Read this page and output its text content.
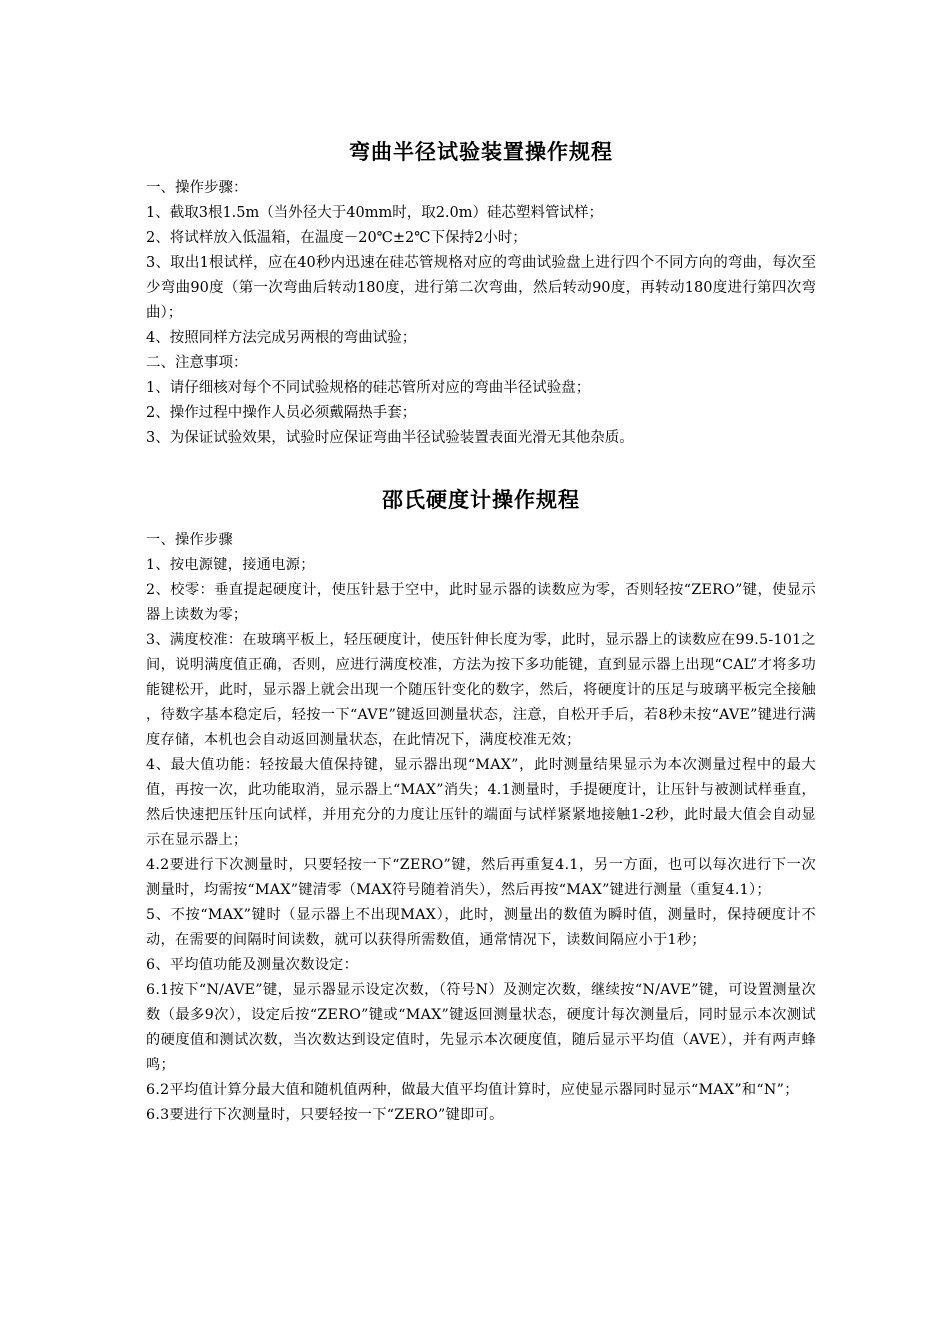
弯曲半径试验装置操作规程

一、操作步骤：

1、截取3根1.5m（当外径大于40mm时，取2.0m）硅芯塑料管试样；

2、将试样放入低温箱，在温度－20℃±2℃下保持2小时；

3、取出1根试样，应在40秒内迅速在硅芯管规格对应的弯曲试验盘上进行四个不同方向的弯曲，每次至少弯曲90度（第一次弯曲后转动180度，进行第二次弯曲，然后转动90度，再转动180度进行第四次弯曲）；

4、按照同样方法完成另两根的弯曲试验；

二、注意事项：

1、请仔细核对每个不同试验规格的硅芯管所对应的弯曲半径试验盘；

2、操作过程中操作人员必须戴隔热手套；

3、为保证试验效果，试验时应保证弯曲半径试验装置表面光滑无其他杂质。

邵氏硬度计操作规程

一、操作步骤

1、按电源键，接通电源；

2、校零：垂直提起硬度计，使压针悬于空中，此时显示器的读数应为零，否则轻按“ZERO”键，使显示器上读数为零；

3、满度校准：在玻璃平板上，轻压硬度计，使压针伸长度为零，此时，显示器上的读数应在99.5-101之间，说明满度值正确，否则，应进行满度校准，方法为按下多功能键，直到显示器上出现“CAL”才将多功能键松开，此时，显示器上就会出现一个随压针变化的数字，然后，将硬度计的压足与玻璃平板完全接触 ，待数字基本稳定后，轻按一下“AVE”键返回测量状态，注意，自松开手后，若8秒未按“AVE”键进行满度存储，本机也会自动返回测量状态，在此情况下，满度校准无效；

4、最大值功能：轻按最大值保持键，显示器出现“MAX”，此时测量结果显示为本次测量过程中的最大值，再按一次，此功能取消，显示器上“MAX”消失；4.1测量时，手提硬度计，让压针与被测试样垂直，然后快速把压针压向试样，并用充分的力度让压针的端面与试样紧紧地接触1-2秒，此时最大值会自动显示在显示器上；

4.2要进行下次测量时，只要轻按一下“ZERO”键，然后再重复4.1，另一方面，也可以每次进行下一次测量时，均需按“MAX”键清零（MAX符号随着消失），然后再按“MAX”键进行测量（重复4.1）；

5、不按“MAX”键时（显示器上不出现MAX），此时，测量出的数值为瞬时值，测量时，保持硬度计不动，在需要的间隔时间读数，就可以获得所需数值，通常情况下，读数间隔应小于1秒；

6、平均值功能及测量次数设定：

6.1按下“N/AVE”键，显示器显示设定次数，（符号N）及测定次数，继续按“N/AVE”键，可设置测量次数（最多9次），设定后按“ZERO”键或“MAX”键返回测量状态，硬度计每次测量后，同时显示本次测试的硬度值和测试次数，当次数达到设定值时，先显示本次硬度值，随后显示平均值（AVE），并有两声蜂鸣；

6.2平均值计算分最大值和随机值两种，做最大值平均值计算时，应使显示器同时显示“MAX”和“N”；

6.3要进行下次测量时，只要轻按一下“ZERO”键即可。
